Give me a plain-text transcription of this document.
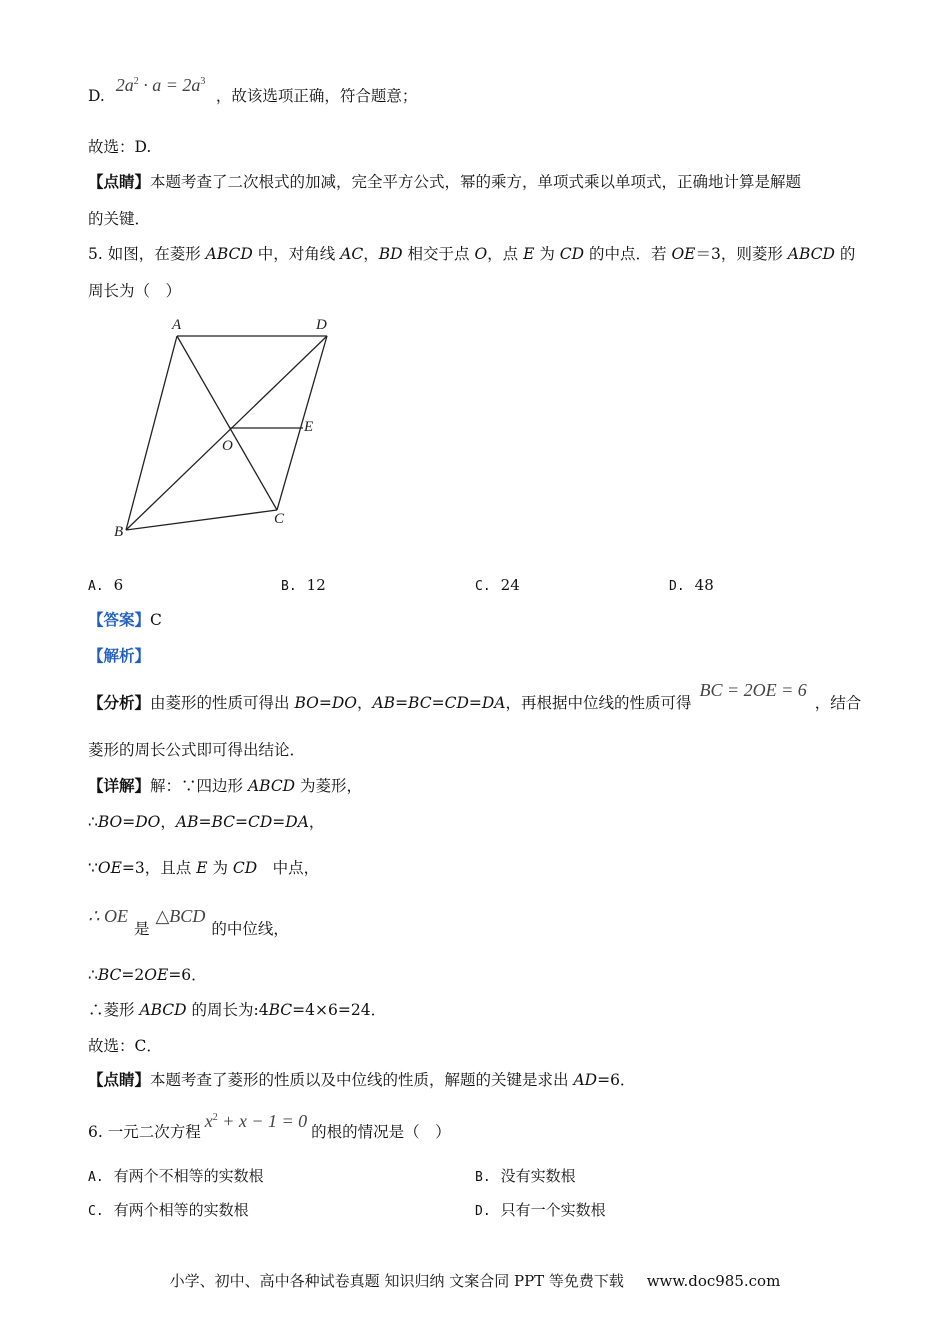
D. $2a^2 \cdot a = 2a^3$ ，故该选项正确，符合题意；
故选：D.
【点睛】本题考查了二次根式的加减，完全平方公式，幂的乘方，单项式乘以单项式，正确地计算是解题
的关键．
5. 如图，在菱形 ABCD 中，对角线 AC，BD 相交于点 O，点 E 为 CD 的中点．若 OE＝3，则菱形 ABCD 的
周长为（　）
A	D
E
O
C
B
A. 6	B. 12	C. 24	D. 48
【答案】C
【解析】
【分析】由菱形的性质可得出 BO=DO，AB=BC=CD=DA，再根据中位线的性质可得BC = 2OE = 6，结合
菱形的周长公式即可得出结论．
【详解】解：∵四边形 ABCD 为菱形，
∴BO=DO，AB=BC=CD=DA，
∵OE=3，且点 E 为 CD　中点，
∴ OE是△BCD的中位线，
∴BC=2OE=6．
∴菱形 ABCD 的周长为:4BC=4×6=24．
故选：C．
【点睛】本题考查了菱形的性质以及中位线的性质，解题的关键是求出 AD=6．
6. 一元二次方程$x^2 + x - 1 = 0$的根的情况是（　）
A. 有两个不相等的实数根	B. 没有实数根
C. 有两个相等的实数根	D. 只有一个实数根
小学、初中、高中各种试卷真题 知识归纳 文案合同 PPT 等免费下载 www.doc985.com
